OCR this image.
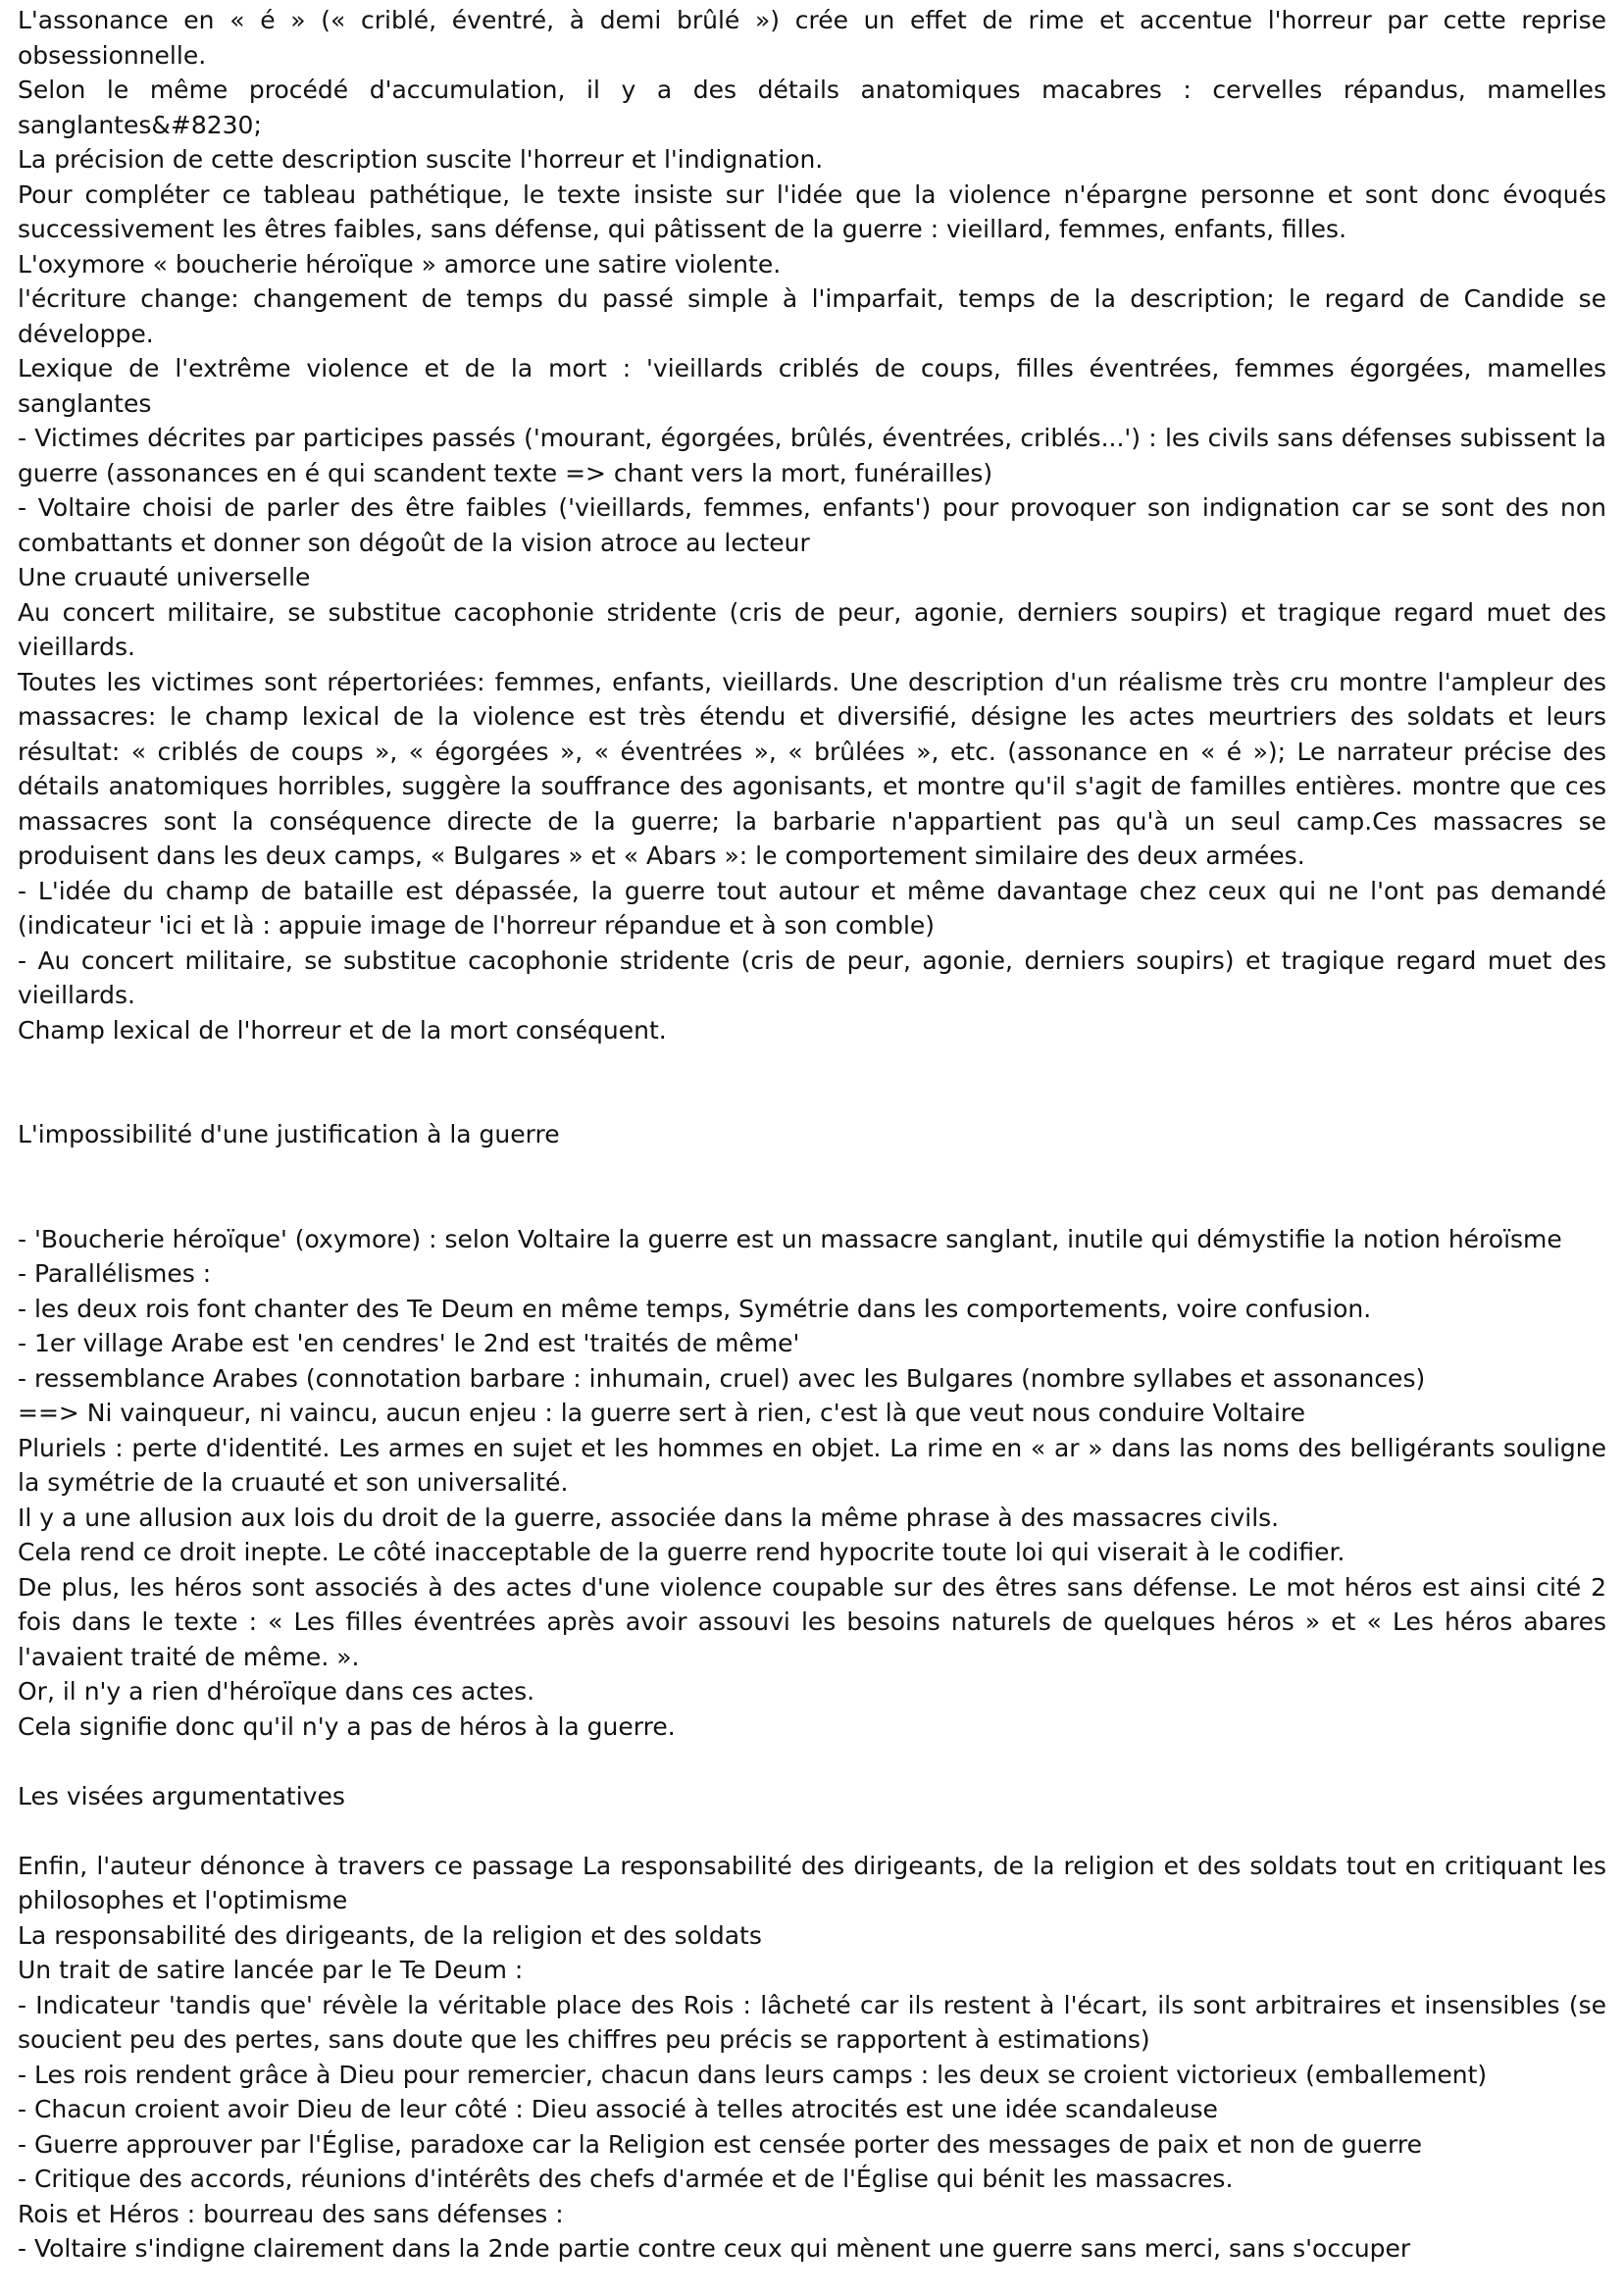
L'assonance en « é » (« criblé, éventré, à demi brûlé ») crée un effet de rime et accentue l'horreur par cette reprise obsessionnelle.

Selon le même procédé d'accumulation, il y a des détails anatomiques macabres : cervelles répandus, mamelles sanglantes&#8230;

La précision de cette description suscite l'horreur et l'indignation.

Pour compléter ce tableau pathétique, le texte insiste sur l'idée que la violence n'épargne personne et sont donc évoqués successivement les êtres faibles, sans défense, qui pâtissent de la guerre : vieillard, femmes, enfants, filles.

L'oxymore « boucherie héroïque » amorce une satire violente.

l'écriture change: changement de temps du passé simple à l'imparfait, temps de la description; le regard de Candide se développe.

Lexique de l'extrême violence et de la mort : 'vieillards criblés de coups, filles éventrées, femmes égorgées, mamelles sanglantes

- Victimes décrites par participes passés ('mourant, égorgées, brûlés, éventrées, criblés...') : les civils sans défenses subissent la guerre (assonances en é qui scandent texte => chant vers la mort, funérailles)

- Voltaire choisi de parler des être faibles ('vieillards, femmes, enfants') pour provoquer son indignation car se sont des non combattants et donner son dégoût de la vision atroce au lecteur

Une cruauté universelle

Au concert militaire, se substitue cacophonie stridente (cris de peur, agonie, derniers soupirs) et tragique regard muet des vieillards.

Toutes les victimes sont répertoriées: femmes, enfants, vieillards. Une description d'un réalisme très cru montre l'ampleur des massacres: le champ lexical de la violence est très étendu et diversifié, désigne les actes meurtriers des soldats et leurs résultat: « criblés de coups », « égorgées », « éventrées », « brûlées », etc. (assonance en « é »); Le narrateur précise des détails anatomiques horribles, suggère la souffrance des agonisants, et montre qu'il s'agit de familles entières. montre que ces massacres sont la conséquence directe de la guerre; la barbarie n'appartient pas qu'à un seul camp.Ces massacres se produisent dans les deux camps, « Bulgares » et « Abars »: le comportement similaire des deux armées.

- L'idée du champ de bataille est dépassée, la guerre tout autour et même davantage chez ceux qui ne l'ont pas demandé (indicateur 'ici et là : appuie image de l'horreur répandue et à son comble)

- Au concert militaire, se substitue cacophonie stridente (cris de peur, agonie, derniers soupirs) et tragique regard muet des vieillards.

Champ lexical de l'horreur et de la mort conséquent.

L'impossibilité d'une justification à la guerre

- 'Boucherie héroïque' (oxymore) : selon Voltaire la guerre est un massacre sanglant, inutile qui démystifie la notion héroïsme

- Parallélismes :

- les deux rois font chanter des Te Deum en même temps, Symétrie dans les comportements, voire confusion.

- 1er village Arabe est 'en cendres' le 2nd est 'traités de même'

- ressemblance Arabes (connotation barbare : inhumain, cruel) avec les Bulgares (nombre syllabes et assonances)

==> Ni vainqueur, ni vaincu, aucun enjeu : la guerre sert à rien, c'est là que veut nous conduire Voltaire

Pluriels : perte d'identité. Les armes en sujet et les hommes en objet. La rime en « ar » dans las noms des belligérants souligne la symétrie de la cruauté et son universalité.

Il y a une allusion aux lois du droit de la guerre, associée dans la même phrase à des massacres civils.

Cela rend ce droit inepte. Le côté inacceptable de la guerre rend hypocrite toute loi qui viserait à le codifier.

De plus, les héros sont associés à des actes d'une violence coupable sur des êtres sans défense. Le mot héros est ainsi cité 2 fois dans le texte : « Les filles éventrées après avoir assouvi les besoins naturels de quelques héros » et « Les héros abares l'avaient traité de même. ».

Or, il n'y a rien d'héroïque dans ces actes.

Cela signifie donc qu'il n'y a pas de héros à la guerre.

Les visées argumentatives

Enfin, l'auteur dénonce à travers ce passage La responsabilité des dirigeants, de la religion et des soldats tout en critiquant les philosophes et l'optimisme

La responsabilité des dirigeants, de la religion et des soldats

Un trait de satire lancée par le Te Deum :

- Indicateur 'tandis que' révèle la véritable place des Rois : lâcheté car ils restent à l'écart, ils sont arbitraires et insensibles (se soucient peu des pertes, sans doute que les chiffres peu précis se rapportent à estimations)

- Les rois rendent grâce à Dieu pour remercier, chacun dans leurs camps : les deux se croient victorieux (emballement)

- Chacun croient avoir Dieu de leur côté : Dieu associé à telles atrocités est une idée scandaleuse

- Guerre approuver par l'Église, paradoxe car la Religion est censée porter des messages de paix et non de guerre

- Critique des accords, réunions d'intérêts des chefs d'armée et de l'Église qui bénit les massacres.

Rois et Héros : bourreau des sans défenses :

- Voltaire s'indigne clairement dans la 2nde partie contre ceux qui mènent une guerre sans merci, sans s'occuper
